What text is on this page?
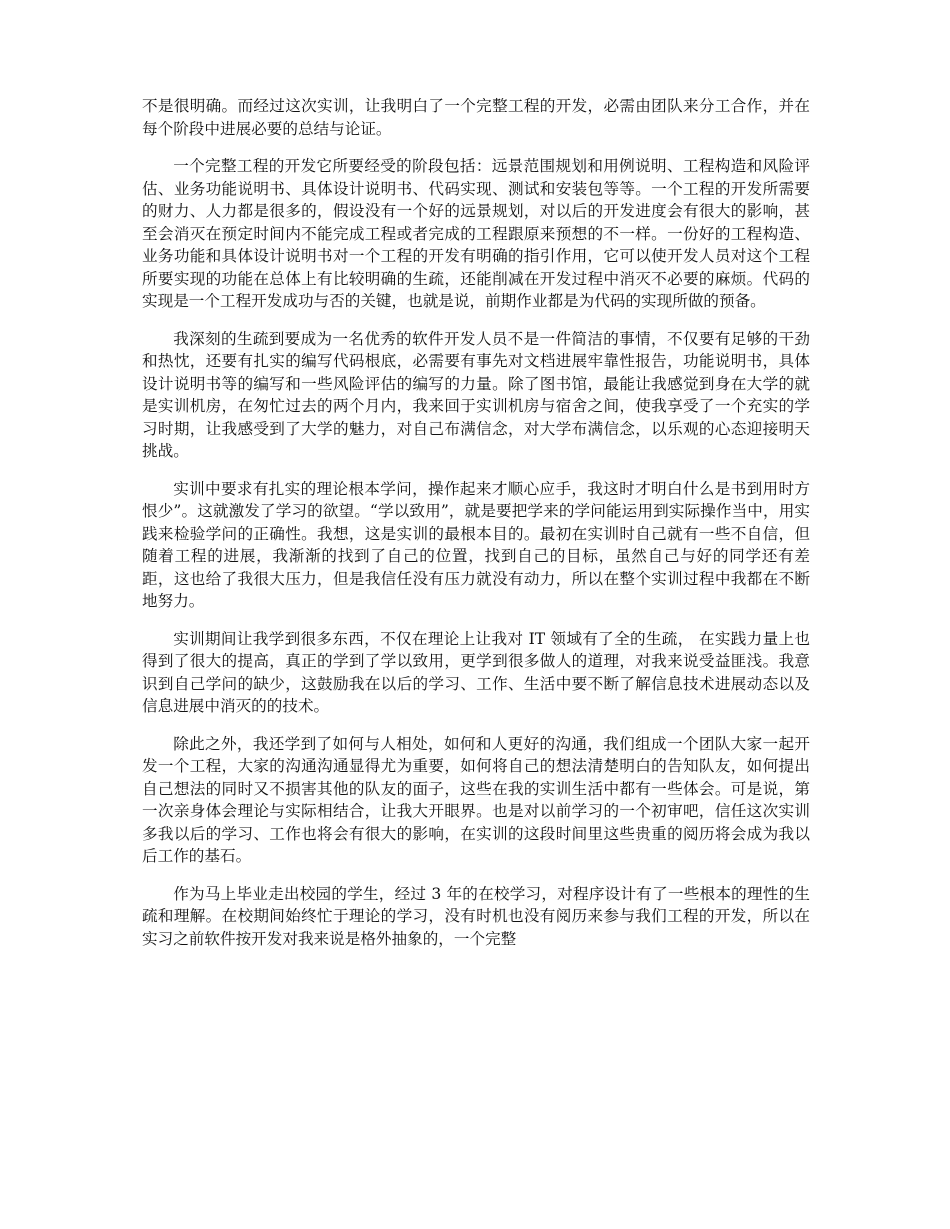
不是很明确。而经过这次实训，让我明白了一个完整工程的开发，必需由团队来分工合作，并在每个阶段中进展必要的总结与论证。

一个完整工程的开发它所要经受的阶段包括：远景范围规划和用例说明、工程构造和风险评估、业务功能说明书、具体设计说明书、代码实现、测试和安装包等等。一个工程的开发所需要的财力、人力都是很多的，假设没有一个好的远景规划，对以后的开发进度会有很大的影响，甚至会消灭在预定时间内不能完成工程或者完成的工程跟原来预想的不一样。一份好的工程构造、业务功能和具体设计说明书对一个工程的开发有明确的指引作用，它可以使开发人员对这个工程所要实现的功能在总体上有比较明确的生疏，还能削减在开发过程中消灭不必要的麻烦。代码的实现是一个工程开发成功与否的关键，也就是说，前期作业都是为代码的实现所做的预备。

我深刻的生疏到要成为一名优秀的软件开发人员不是一件简洁的事情，不仅要有足够的干劲和热忱，还要有扎实的编写代码根底，必需要有事先对文档进展牢靠性报告，功能说明书，具体设计说明书等的编写和一些风险评估的编写的力量。除了图书馆，最能让我感觉到身在大学的就是实训机房，在匆忙过去的两个月内，我来回于实训机房与宿舍之间，使我享受了一个充实的学习时期，让我感受到了大学的魅力，对自己布满信念，对大学布满信念，以乐观的心态迎接明天挑战。

实训中要求有扎实的理论根本学问，操作起来才顺心应手，我这时才明白什么是书到用时方恨少”。这就激发了学习的欲望。“学以致用”，就是要把学来的学问能运用到实际操作当中，用实践来检验学问的正确性。我想，这是实训的最根本目的。最初在实训时自己就有一些不自信，但随着工程的进展，我渐渐的找到了自己的位置，找到自己的目标，虽然自己与好的同学还有差距，这也给了我很大压力，但是我信任没有压力就没有动力，所以在整个实训过程中我都在不断地努力。

实训期间让我学到很多东西，不仅在理论上让我对 IT 领域有了全的生疏， 在实践力量上也得到了很大的提高，真正的学到了学以致用，更学到很多做人的道理，对我来说受益匪浅。我意识到自己学问的缺少，这鼓励我在以后的学习、工作、生活中要不断了解信息技术进展动态以及信息进展中消灭的的技术。

除此之外，我还学到了如何与人相处，如何和人更好的沟通，我们组成一个团队大家一起开发一个工程，大家的沟通沟通显得尤为重要，如何将自己的想法清楚明白的告知队友，如何提出自己想法的同时又不损害其他的队友的面子，这些在我的实训生活中都有一些体会。可是说，第一次亲身体会理论与实际相结合，让我大开眼界。也是对以前学习的一个初审吧，信任这次实训多我以后的学习、工作也将会有很大的影响，在实训的这段时间里这些贵重的阅历将会成为我以后工作的基石。

作为马上毕业走出校园的学生，经过 3 年的在校学习，对程序设计有了一些根本的理性的生疏和理解。在校期间始终忙于理论的学习，没有时机也没有阅历来参与我们工程的开发，所以在实习之前软件按开发对我来说是格外抽象的，一个完整
